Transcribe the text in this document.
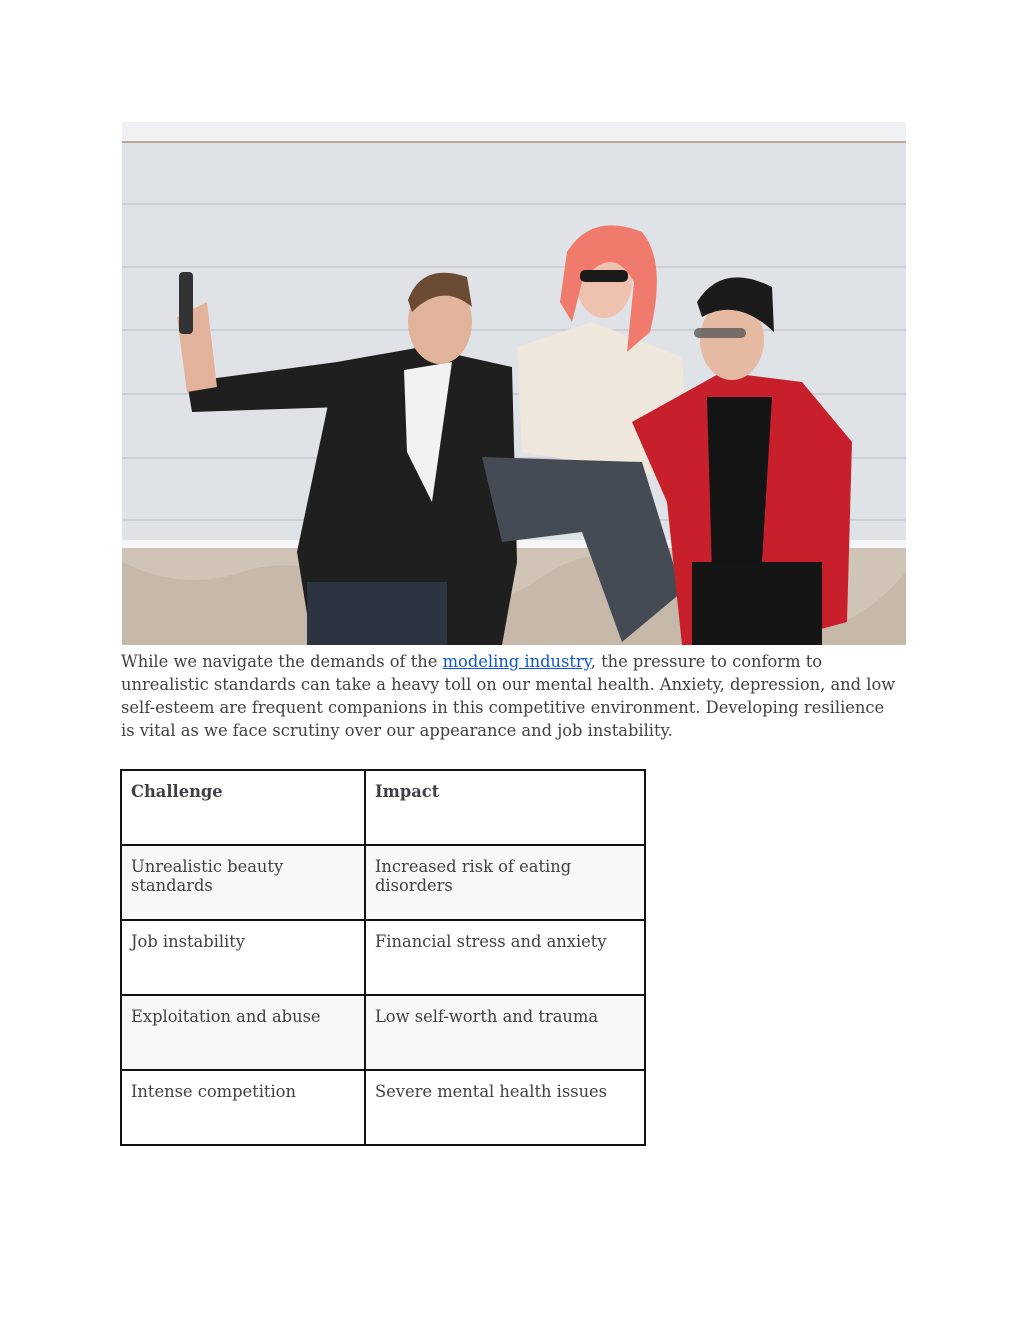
While we navigate the demands of the modeling industry, the pressure to conform to unrealistic standards can take a heavy toll on our mental health. Anxiety, depression, and low self-esteem are frequent companions in this competitive environment. Developing resilience is vital as we face scrutiny over our appearance and job instability.

Challenge	Impact
Unrealistic beauty standards	Increased risk of eating disorders
Job instability	Financial stress and anxiety
Exploitation and abuse	Low self-worth and trauma
Intense competition	Severe mental health issues
